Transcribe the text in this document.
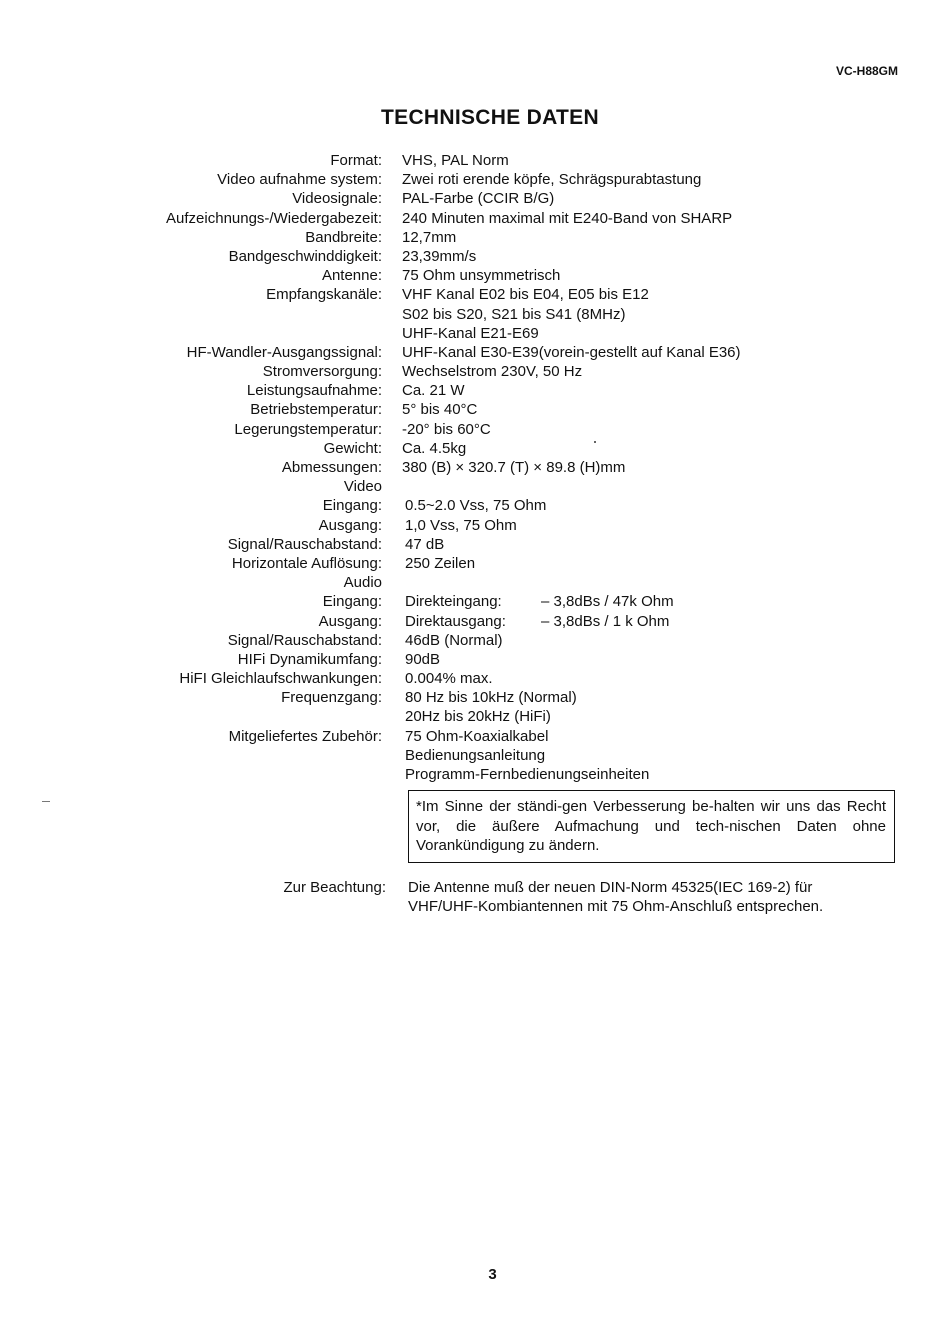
VC-H88GM
TECHNISCHE DATEN
Format:	VHS, PAL Norm
Video aufnahme system:	Zwei roti erende köpfe, Schrägspurabtastung
Videosignale:	PAL-Farbe (CCIR B/G)
Aufzeichnungs-/Wiedergabezeit:	240 Minuten maximal mit E240-Band von SHARP
Bandbreite:	12,7mm
Bandgeschwinddigkeit:	23,39mm/s
Antenne:	75 Ohm unsymmetrisch
Empfangskanäle:	VHF Kanal E02 bis E04, E05 bis E12
S02 bis S20, S21 bis S41 (8MHz)
UHF-Kanal E21-E69
HF-Wandler-Ausgangssignal:	UHF-Kanal E30-E39(vorein-gestellt auf Kanal E36)
Stromversorgung:	Wechselstrom 230V, 50 Hz
Leistungsaufnahme:	Ca. 21 W
Betriebstemperatur:	5° bis 40°C
Legerungstemperatur:	-20° bis 60°C
Gewicht:	Ca. 4.5kg
Abmessungen:	380 (B) × 320.7 (T) × 89.8 (H)mm
Video
Eingang:	0.5~2.0 Vss, 75 Ohm
Ausgang:	1,0 Vss, 75 Ohm
Signal/Rauschabstand:	47 dB
Horizontale Auflösung:	250 Zeilen
Audio
Eingang:	Direkteingang:	– 3,8dBs / 47k Ohm
Ausgang:	Direktausgang: – 3,8dBs / 1 k Ohm
Signal/Rauschabstand:	46dB (Normal)
HIFi Dynamikumfang:	90dB
HiFI Gleichlaufschwankungen:	0.004% max.
Frequenzgang:	80 Hz bis 10kHz (Normal)
20Hz bis 20kHz (HiFi)
Mitgeliefertes Zubehör:	75 Ohm-Koaxialkabel
Bedienungsanleitung
Programm-Fernbedienungseinheiten
*Im Sinne der ständi-gen Verbesserung be-halten wir uns das Recht vor, die äußere Aufmachung und tech-nischen Daten ohne Vorankündigung zu ändern.
Zur Beachtung:	Die Antenne muß der neuen DIN-Norm 45325(IEC 169-2) für VHF/UHF-Kombiantennen mit 75 Ohm-Anschluß entsprechen.
3
